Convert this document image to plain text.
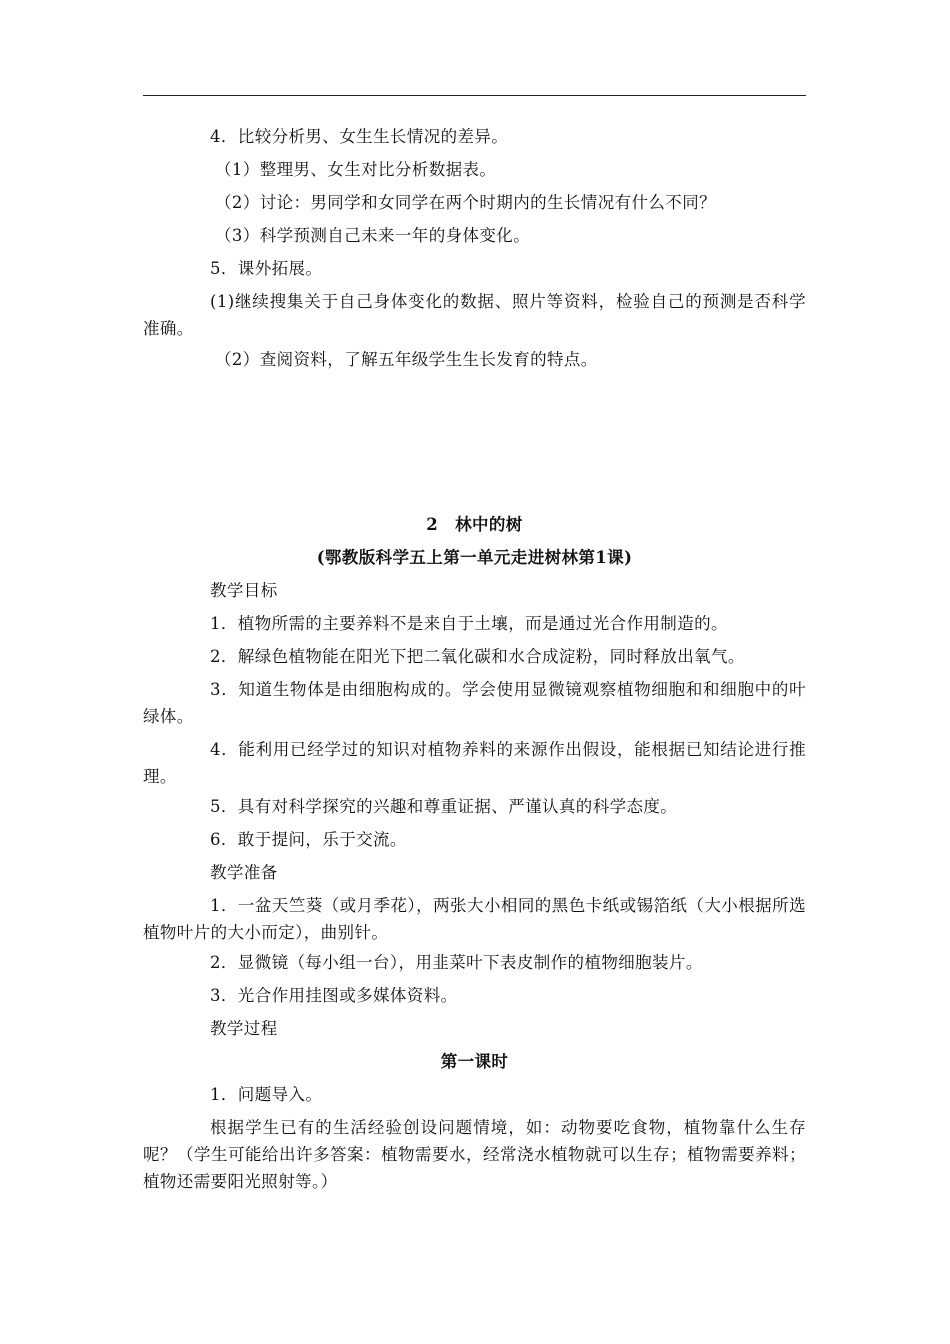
4．比较分析男、女生生长情况的差异。
（1）整理男、女生对比分析数据表。
（2）讨论：男同学和女同学在两个时期内的生长情况有什么不同？
（3）科学预测自己未来一年的身体变化。
5．课外拓展。
(1)继续搜集关于自己身体变化的数据、照片等资料，检验自己的预测是否科学准确。
（2）查阅资料，了解五年级学生生长发育的特点。
2　林中的树
(鄂教版科学五上第一单元走进树林第1课)
教学目标
1．植物所需的主要养料不是来自于土壤，而是通过光合作用制造的。
2．解绿色植物能在阳光下把二氧化碳和水合成淀粉，同时释放出氧气。
3．知道生物体是由细胞构成的。学会使用显微镜观察植物细胞和和细胞中的叶绿体。
4．能利用已经学过的知识对植物养料的来源作出假设，能根据已知结论进行推理。
5．具有对科学探究的兴趣和尊重证据、严谨认真的科学态度。
6．敢于提问，乐于交流。
教学准备
1．一盆天竺葵（或月季花），两张大小相同的黑色卡纸或锡箔纸（大小根据所选植物叶片的大小而定），曲别针。
2．显微镜（每小组一台），用韭菜叶下表皮制作的植物细胞装片。
3．光合作用挂图或多媒体资料。
教学过程
第一课时
1．问题导入。
根据学生已有的生活经验创设问题情境，如：动物要吃食物，植物靠什么生存呢？（学生可能给出许多答案：植物需要水，经常浇水植物就可以生存；植物需要养料；植物还需要阳光照射等。）
